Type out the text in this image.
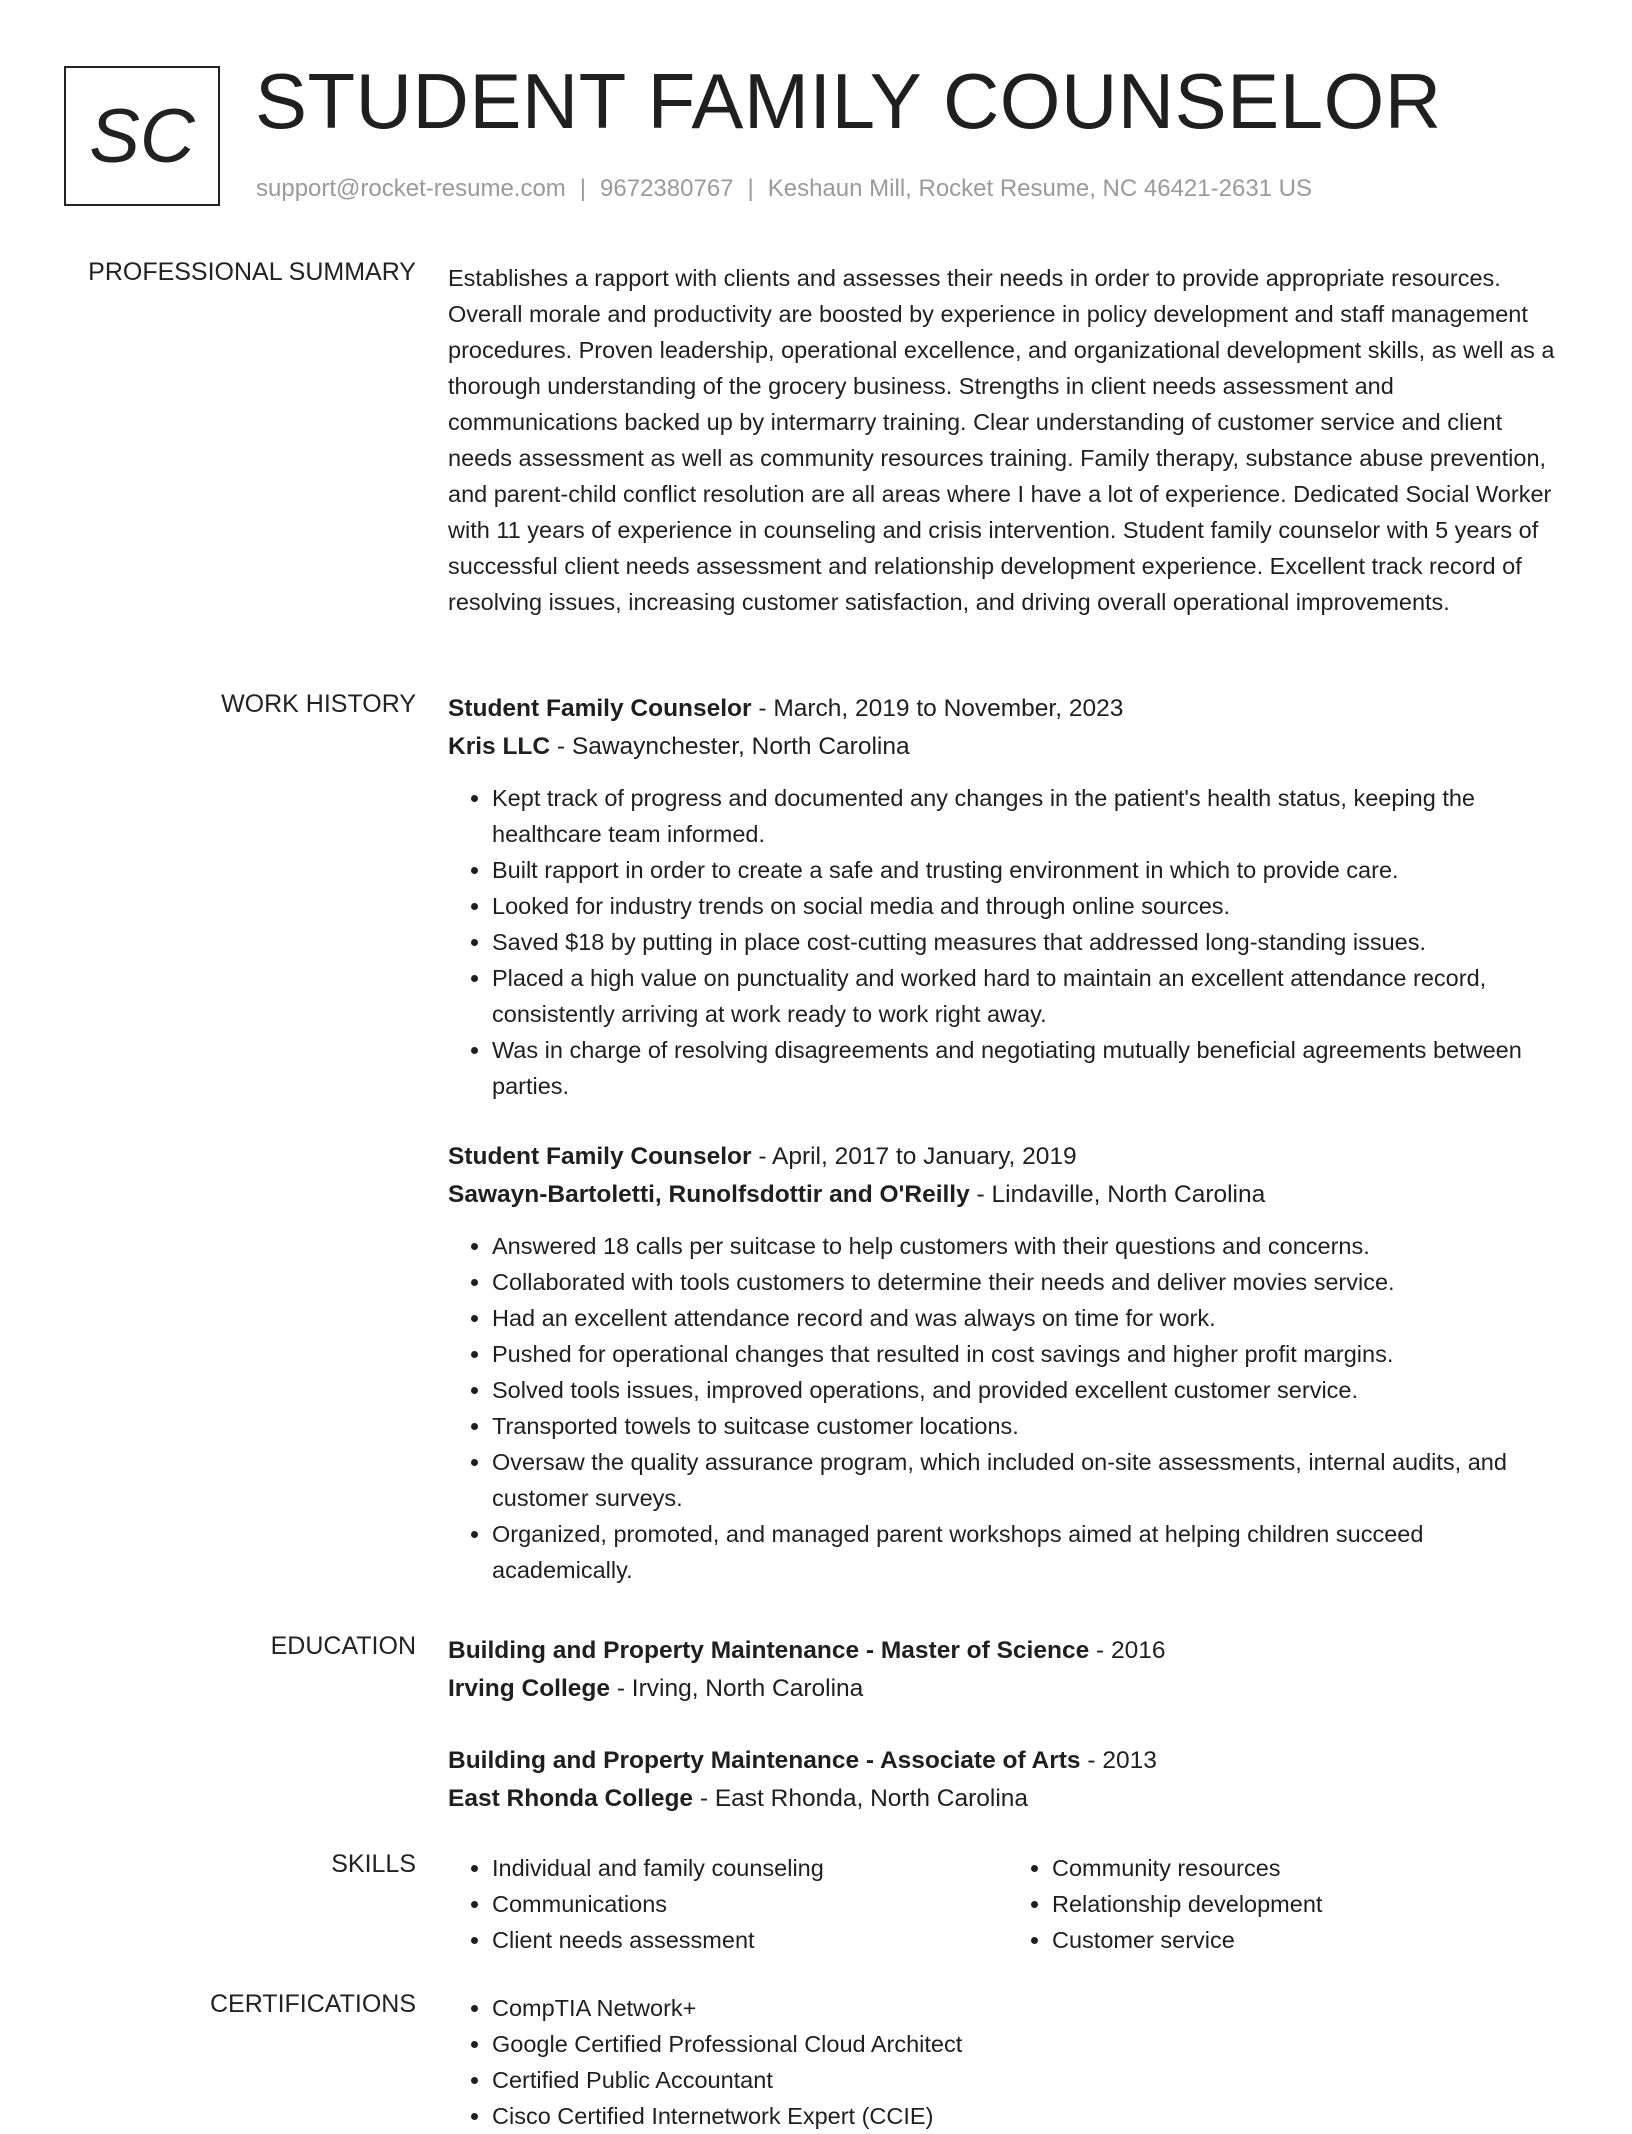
SC STUDENT FAMILY COUNSELOR
support@rocket-resume.com | 9672380767 | Keshaun Mill, Rocket Resume, NC 46421-2631 US
PROFESSIONAL SUMMARY Establishes a rapport with clients and assesses their needs in order to provide appropriate resources. Overall morale and productivity are boosted by experience in policy development and staff management procedures. Proven leadership, operational excellence, and organizational development skills, as well as a thorough understanding of the grocery business. Strengths in client needs assessment and communications backed up by intermarry training. Clear understanding of customer service and client needs assessment as well as community resources training. Family therapy, substance abuse prevention, and parent-child conflict resolution are all areas where I have a lot of experience. Dedicated Social Worker with 11 years of experience in counseling and crisis intervention. Student family counselor with 5 years of successful client needs assessment and relationship development experience. Excellent track record of resolving issues, increasing customer satisfaction, and driving overall operational improvements.

WORK HISTORY Student Family Counselor - March, 2019 to November, 2023

Kris LLC - Sawaynchester, North Carolina

• Kept track of progress and documented any changes in the patient's health status, keeping the healthcare team informed.
• Built rapport in order to create a safe and trusting environment in which to provide care.
• Looked for industry trends on social media and through online sources.
• Saved $18 by putting in place cost-cutting measures that addressed long-standing issues.
• Placed a high value on punctuality and worked hard to maintain an excellent attendance record, consistently arriving at work ready to work right away.
• Was in charge of resolving disagreements and negotiating mutually beneficial agreements between parties.

Student Family Counselor - April, 2017 to January, 2019

Sawayn-Bartoletti, Runolfsdottir and O'Reilly - Lindaville, North Carolina

• Answered 18 calls per suitcase to help customers with their questions and concerns.
• Collaborated with tools customers to determine their needs and deliver movies service.
• Had an excellent attendance record and was always on time for work.
• Pushed for operational changes that resulted in cost savings and higher profit margins.
• Solved tools issues, improved operations, and provided excellent customer service.
• Transported towels to suitcase customer locations.
• Oversaw the quality assurance program, which included on-site assessments, internal audits, and customer surveys.
• Organized, promoted, and managed parent workshops aimed at helping children succeed academically.
EDUCATION Building and Property Maintenance - Master of Science - 2016

Irving College - Irving, North Carolina

Building and Property Maintenance - Associate of Arts - 2013

East Rhonda College - East Rhonda, North Carolina

SKILLS	• Individual and family counseling
• Communications
• Client needs assessment
• Community resources
• Relationship development
• Customer service
CERTIFICATIONS	• CompTIA Network+
• Google Certified Professional Cloud Architect
• Certified Public Accountant
• Cisco Certified Internetwork Expert (CCIE)
